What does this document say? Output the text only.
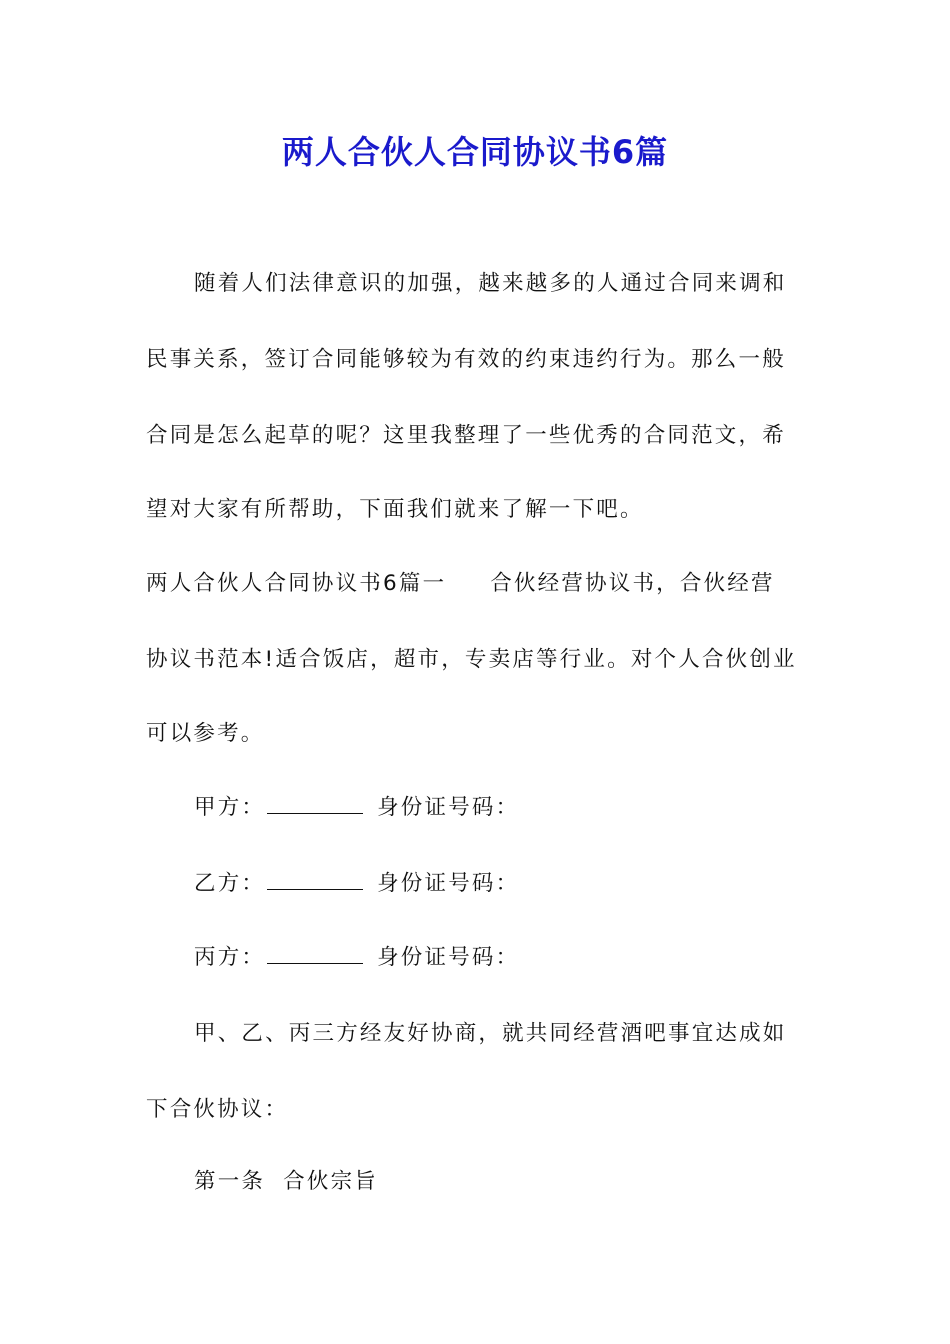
两人合伙人合同协议书6篇
随着人们法律意识的加强，越来越多的人通过合同来调和
民事关系，签订合同能够较为有效的约束违约行为。那么一般
合同是怎么起草的呢？这里我整理了一些优秀的合同范文，希
望对大家有所帮助，下面我们就来了解一下吧。
两人合伙人合同协议书6篇一 合伙经营协议书，合伙经营
协议书范本!适合饭店，超市，专卖店等行业。对个人合伙创业
可以参考。
甲方：	身份证号码：
乙方：	身份证号码：
丙方：	身份证号码：
甲、乙、丙三方经友好协商，就共同经营酒吧事宜达成如
下合伙协议：
第一条  合伙宗旨
